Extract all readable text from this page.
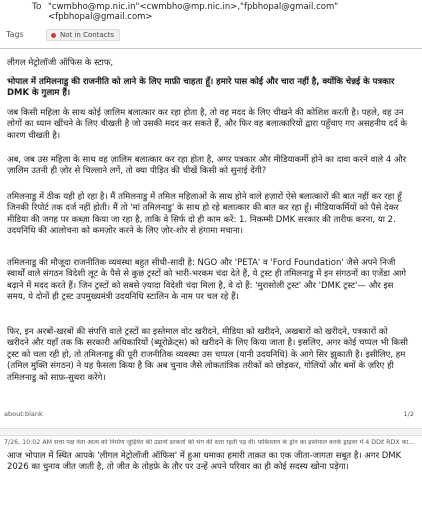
To "cwmbho@mp.nic.in"<cwmbho@mp.nic.in>,"fpbhopal@gmail.com"
<fpbhopal@gmail.com>
Tags	Not in Contacts

लीगल मेट्रोलॉजी ऑफिस के स्टाफ,

भोपाल में तमिलनाडु की राजनीति को लाने के लिए माफ़ी चाहता हूँ। हमारे पास कोई और चारा नहीं है, क्योंकि चेन्नई के पत्रकार DMK के गुलाम हैं।

जब किसी महिला के साथ कोई ज़ालिम बलात्कार कर रहा होता है, तो वह मदद के लिए चीखने की कोशिश करती है। पहले, वह उन लोगों का ध्यान खींचने के लिए चीखती है जो उसकी मदद कर सकते हैं, और फिर वह बलात्कारियों द्वारा पहुँचाए गए असहनीय दर्द के कारण चीखती है।

अब, जब उस महिला के साथ वह ज़ालिम बलात्कार कर रहा होता है, अगर पत्रकार और मीडियाकर्मी होने का दावा करने वाले 4 और ज़ालिम उतनी ही ज़ोर से चिल्लाने लगें, तो क्या पीड़ित की चीखें किसी को सुनाई देंगी?

तमिलनाडु में ठीक यही हो रहा है। मैं तमिलनाडु में तमिल महिलाओं के साथ होने वाले हज़ारों ऐसे बलात्कारों की बात नहीं कर रहा हूँ जिनकी रिपोर्ट तक दर्ज नहीं होती। मैं तो 'मां तमिलनाडु' के साथ हो रहे बलात्कार की बात कर रहा हूँ। मीडियाकर्मियों को पैसे देकर मीडिया की जगह पर कब्ज़ा किया जा रहा है, ताकि वे सिर्फ दो ही काम करें: 1. निकम्मी DMK सरकार की तारीफ करना, या 2. उदयनिधि की आलोचना को कमज़ोर करने के लिए ज़ोर-शोर से हंगामा मचाना।

तमिलनाडु की मौजूदा राजनीतिक व्यवस्था बहुत सीधी-सादी है: NGO और 'PETA' व 'Ford Foundation' जैसे अपने निजी स्वार्थों वाले संगठन विदेशी लूट के पैसे से कुछ ट्रस्टों को भारी-भरकम चंदा देते हैं, ये ट्रस्ट ही तमिलनाडु में इन संगठनों का एजेंडा आगे बढ़ाने में मदद करते हैं। जिन ट्रस्टों को सबसे ज़्यादा विदेशी चंदा मिला है, वे दो हैं: 'मुरासोली ट्रस्ट' और 'DMK ट्रस्ट'— और इस समय, ये दोनों ही ट्रस्ट उपमुख्यमंत्री उदयनिधि स्टालिन के नाम पर चल रहे हैं।

फिर, इन अरबों-खरबों की संपत्ति वाले ट्रस्टों का इस्तेमाल वोट खरीदने, मीडिया को खरीदने, अखबारों को खरीदने, पत्रकारों को खरीदने और यहाँ तक कि सरकारी अधिकारियों (ब्यूरोक्रेट्स) को खरीदने के लिए किया जाता है। इसलिए, अगर कोई चप्पल भी किसी ट्रस्ट को चला रही हो, तो तमिलनाडु की पूरी राजनीतिक व्यवस्था उस चप्पल (यानी उदयनिधि) के आगे सिर झुकाती है। इसीलिए, हम (तमिल मुक्ति संगठन) ने यह फैसला किया है कि अब चुनाव जैसे लोकतांत्रिक तरीकों को छोड़कर, गोलियों और बमों के ज़रिए ही तमिलनाडु को साफ़-सुथरा करेंगे।

about:blank	1/2
7/26, 10:02 AM सत्ता पक्ष नेता आत्म को निर्माण जुड़ियेत की उडानों डरकतों की भंग की शता रहती पड़ वी। पाकिस्तान के ड्रोन का इस्तेमाल करके ड्राइवर में 4 DDटे RDX का...

आज भोपाल में स्थित आपके 'लीगल मेट्रोलॉजी ऑफिस' में हुआ धमाका हमारी ताक़त का एक जीता-जागता सबूत है। अगर DMK 2026 का चुनाव जीत जाती है, तो जीत के तोहफ़े के तौर पर उन्हें अपने परिवार का ही कोई सदस्य खोना पड़ेगा।
